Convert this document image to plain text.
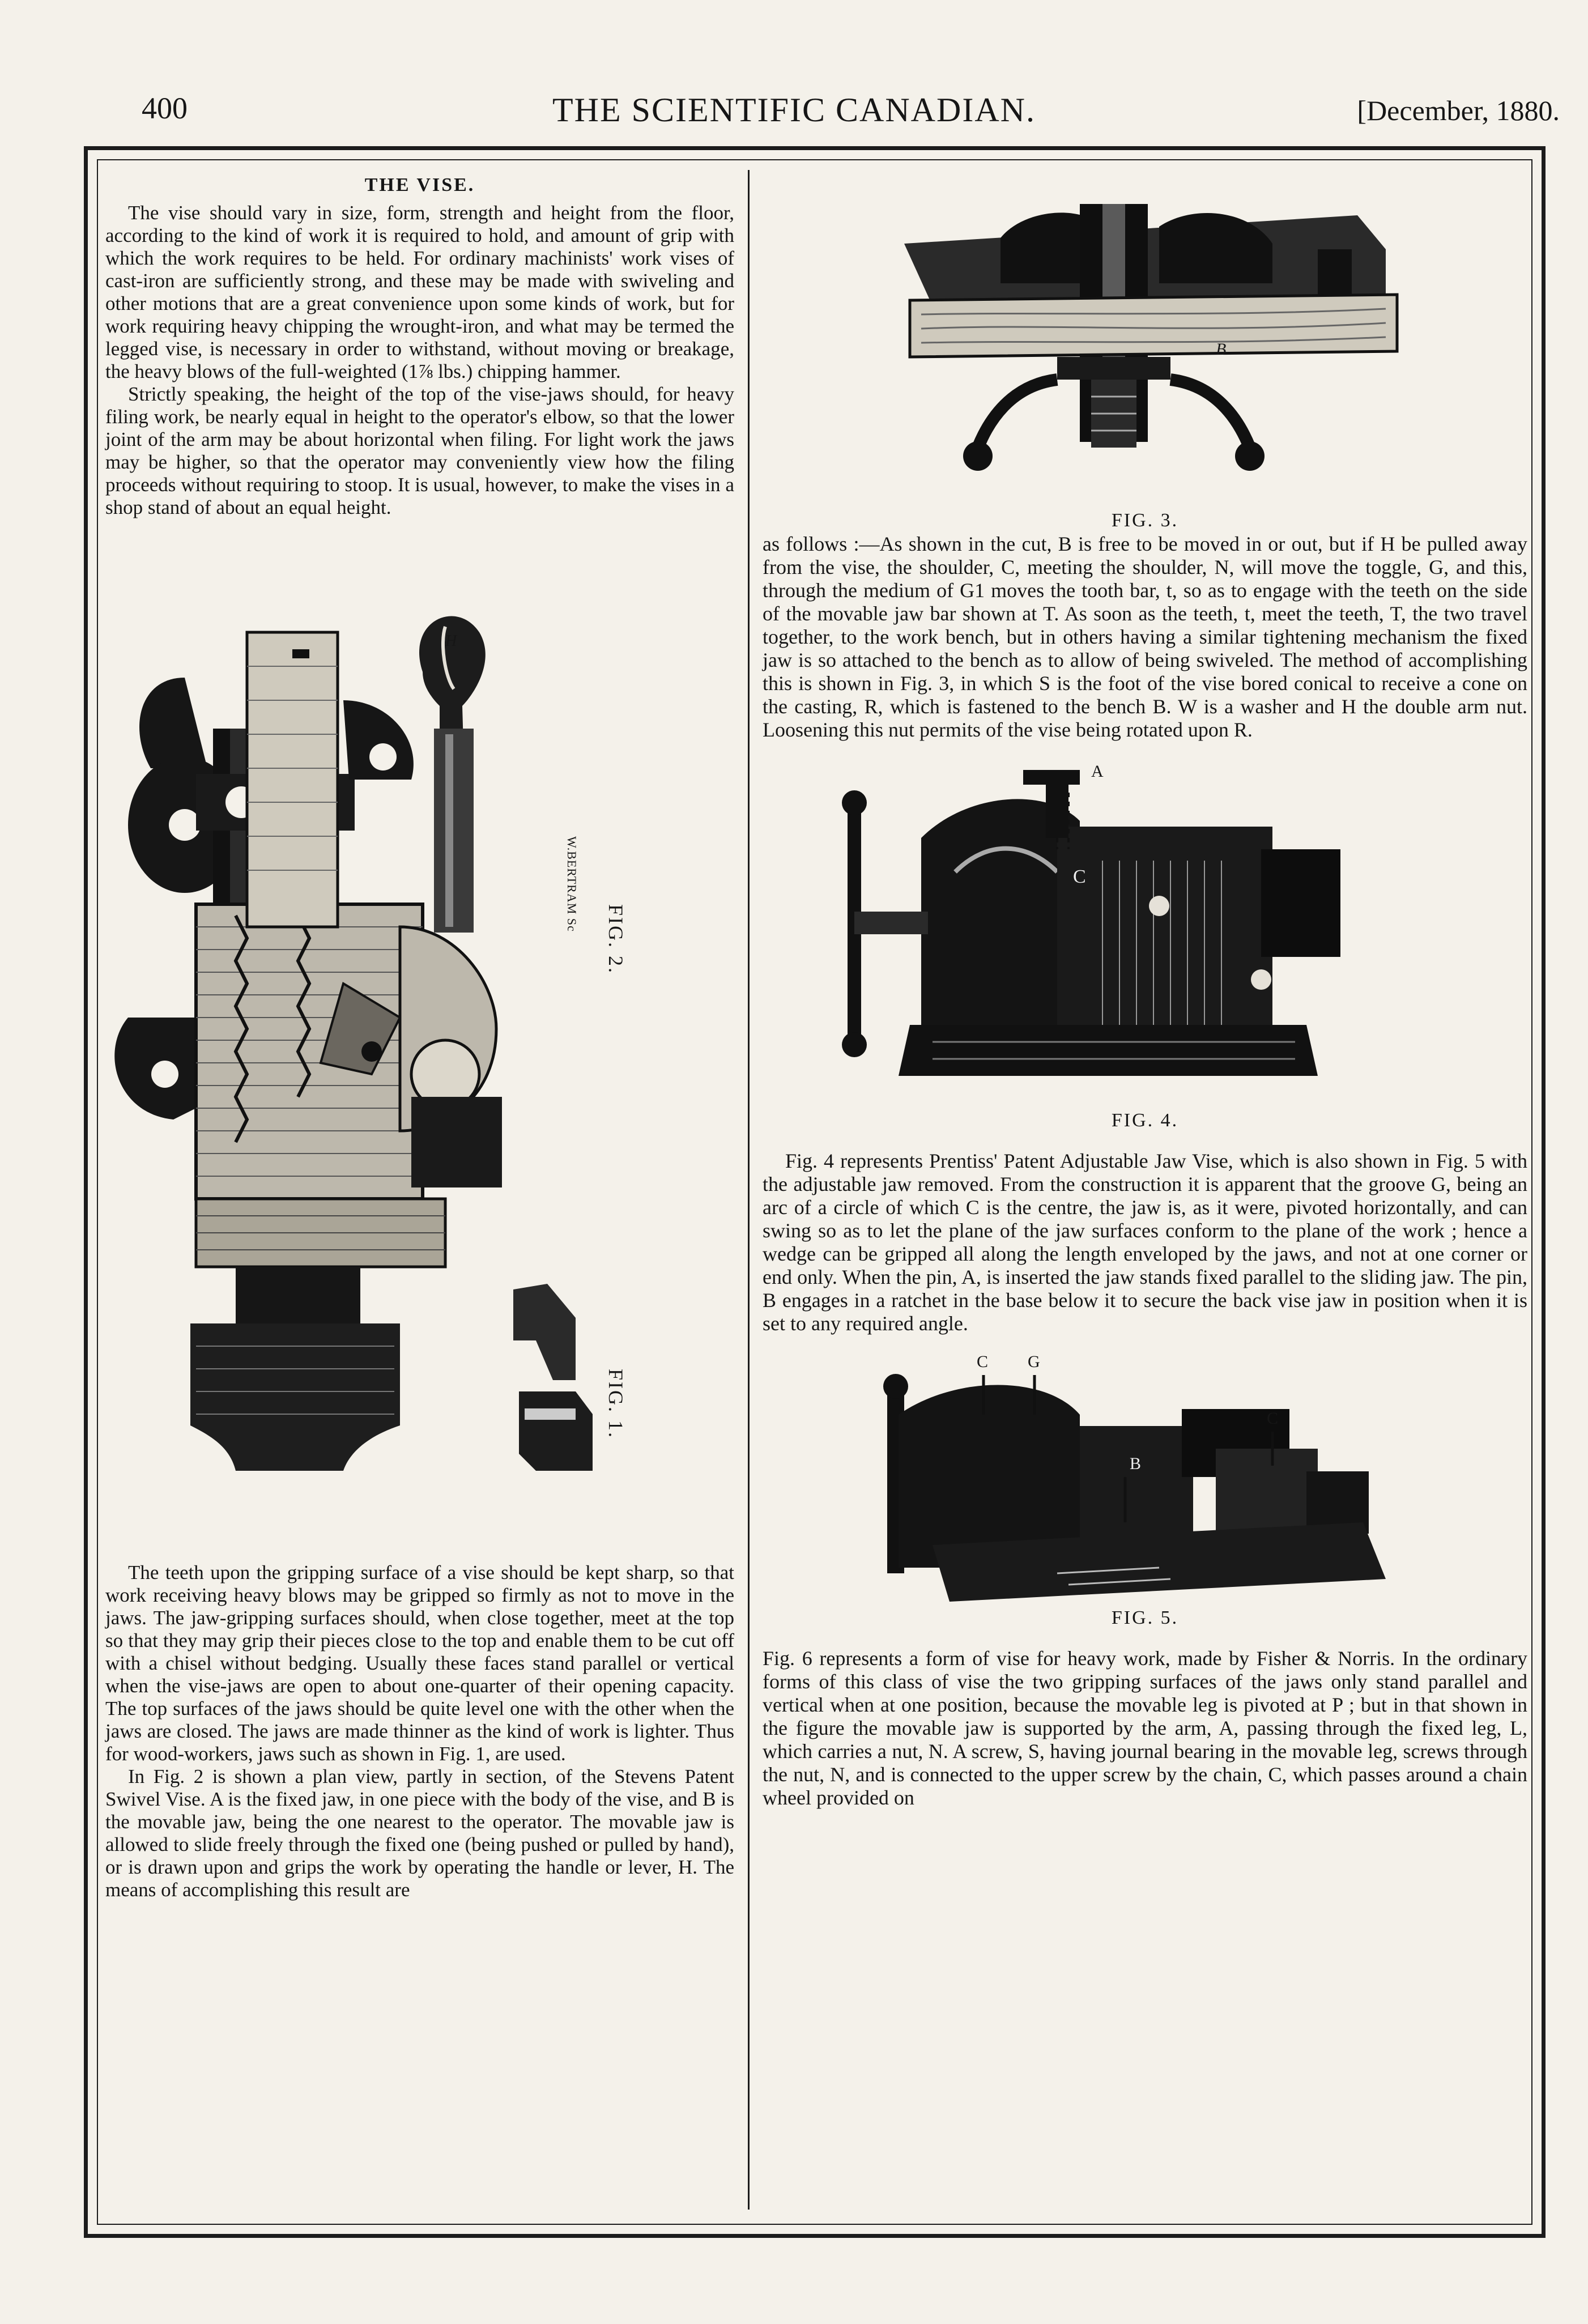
400	THE SCIENTIFIC CANADIAN.	[December, 1880.
THE VISE.

The vise should vary in size, form, strength and height from the floor, according to the kind of work it is required to hold, and amount of grip with which the work requires to be held. For ordinary machinists' work vises of cast-iron are sufficiently strong, and these may be made with swiveling and other motions that are a great convenience upon some kinds of work, but for work requiring heavy chipping the wrought-iron, and what may be termed the legged vise, is necessary in order to withstand, without moving or breakage, the heavy blows of the full-weighted (1⅞ lbs.) chipping hammer.

Strictly speaking, the height of the top of the vise-jaws should, for heavy filing work, be nearly equal in height to the operator's elbow, so that the lower joint of the arm may be about horizontal when filing. For light work the jaws may be higher, so that the operator may conveniently view how the filing proceeds without requiring to stoop. It is usual, however, to make the vises in a shop stand of about an equal height.

FIG. 2.
W.BERTRAM Sc
H
FIG. 1.

The teeth upon the gripping surface of a vise should be kept sharp, so that work receiving heavy blows may be gripped so firmly as not to move in the jaws. The jaw-gripping surfaces should, when close together, meet at the top so that they may grip their pieces close to the top and enable them to be cut off with a chisel without bedging. Usually these faces stand parallel or vertical when the vise-jaws are open to about one-quarter of their opening capacity. The top surfaces of the jaws should be quite level one with the other when the jaws are closed. The jaws are made thinner as the kind of work is lighter. Thus for wood-workers, jaws such as shown in Fig. 1, are used.

In Fig. 2 is shown a plan view, partly in section, of the Stevens Patent Swivel Vise. A is the fixed jaw, in one piece with the body of the vise, and B is the movable jaw, being the one nearest to the operator. The movable jaw is allowed to slide freely through the fixed one (being pushed or pulled by hand), or is drawn upon and grips the work by operating the handle or lever, H. The means of accomplishing this result are

B
FIG. 3.

as follows :—As shown in the cut, B is free to be moved in or out, but if H be pulled away from the vise, the shoulder, C, meeting the shoulder, N, will move the toggle, G, and this, through the medium of G1 moves the tooth bar, t, so as to engage with the teeth on the side of the movable jaw bar shown at T. As soon as the teeth, t, meet the teeth, T, the two travel together, to the work bench, but in others having a similar tightening mechanism the fixed jaw is so attached to the bench as to allow of being swiveled. The method of accomplishing this is shown in Fig. 3, in which S is the foot of the vise bored conical to receive a cone on the casting, R, which is fastened to the bench B. W is a washer and H the double arm nut. Loosening this nut permits of the vise being rotated upon R.

A
C
FIG. 4.

Fig. 4 represents Prentiss' Patent Adjustable Jaw Vise, which is also shown in Fig. 5 with the adjustable jaw removed. From the construction it is apparent that the groove G, being an arc of a circle of which C is the centre, the jaw is, as it were, pivoted horizontally, and can swing so as to let the plane of the jaw surfaces conform to the plane of the work ; hence a wedge can be gripped all along the length enveloped by the jaws, and not at one corner or end only. When the pin, A, is inserted the jaw stands fixed parallel to the sliding jaw. The pin, B engages in a ratchet in the base below it to secure the back vise jaw in position when it is set to any required angle.

C G
B
C
FIG. 5.

Fig. 6 represents a form of vise for heavy work, made by Fisher & Norris. In the ordinary forms of this class of vise the two gripping surfaces of the jaws only stand parallel and vertical when at one position, because the movable leg is pivoted at P ; but in that shown in the figure the movable jaw is supported by the arm, A, passing through the fixed leg, L, which carries a nut, N. A screw, S, having journal bearing in the movable leg, screws through the nut, N, and is connected to the upper screw by the chain, C, which passes around a chain wheel provided on
